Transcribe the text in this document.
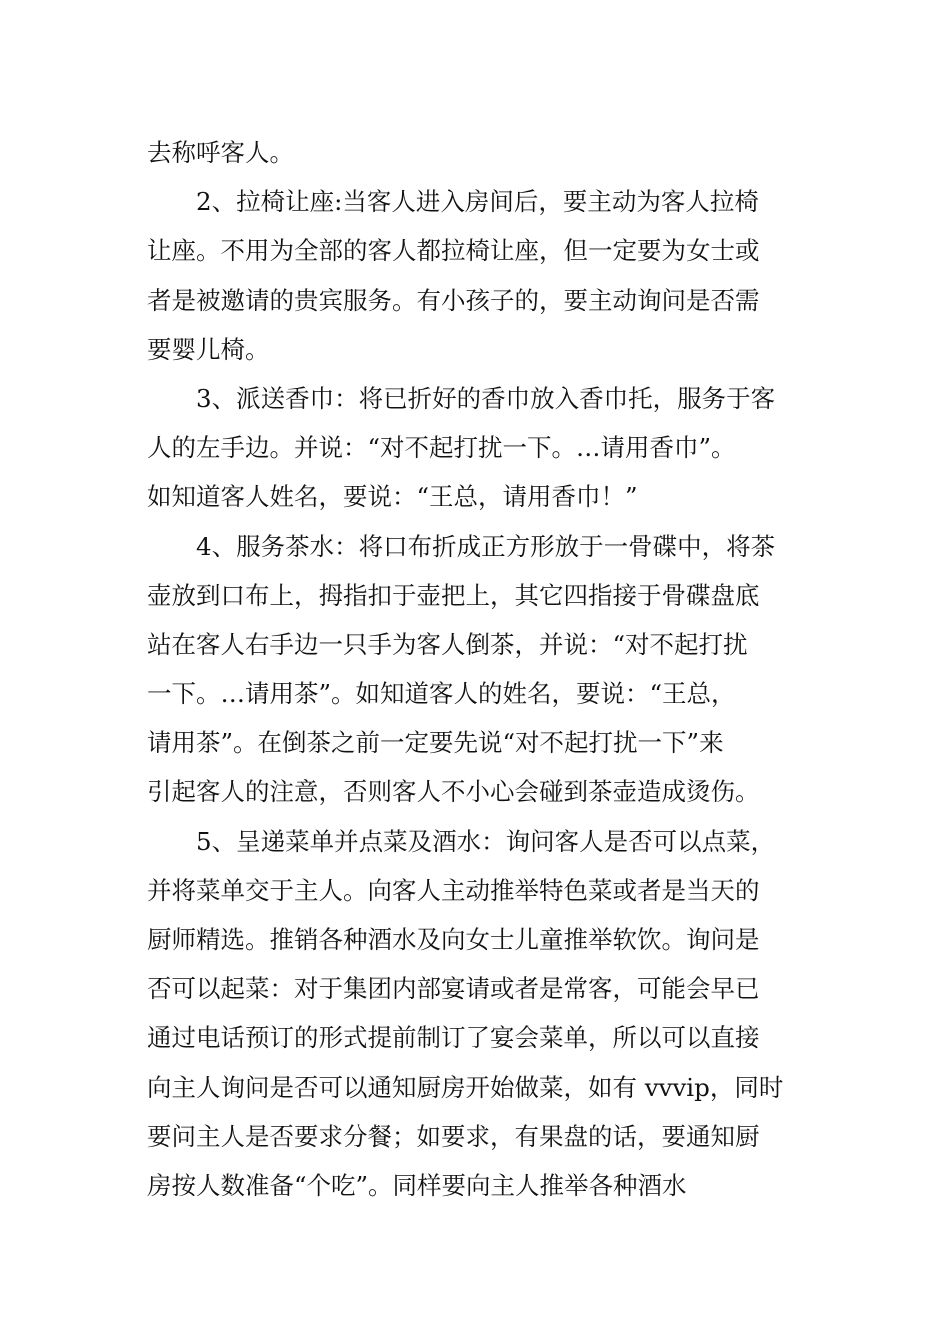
去称呼客人。
2、拉椅让座:当客人进入房间后，要主动为客人拉椅
让座。不用为全部的客人都拉椅让座，但一定要为女士或
者是被邀请的贵宾服务。有小孩子的，要主动询问是否需
要婴儿椅。
3、派送香巾：将已折好的香巾放入香巾托，服务于客
人的左手边。并说：“对不起打扰一下。…请用香巾”。
如知道客人姓名，要说：“王总，请用香巾！”
4、服务茶水：将口布折成正方形放于一骨碟中，将茶
壶放到口布上，拇指扣于壶把上，其它四指接于骨碟盘底
站在客人右手边一只手为客人倒茶，并说：“对不起打扰
一下。…请用茶”。如知道客人的姓名，要说：“王总，
请用茶”。在倒茶之前一定要先说“对不起打扰一下”来
引起客人的注意，否则客人不小心会碰到茶壶造成烫伤。
5、呈递菜单并点菜及酒水：询问客人是否可以点菜，
并将菜单交于主人。向客人主动推举特色菜或者是当天的
厨师精选。推销各种酒水及向女士儿童推举软饮。询问是
否可以起菜：对于集团内部宴请或者是常客，可能会早已
通过电话预订的形式提前制订了宴会菜单，所以可以直接
向主人询问是否可以通知厨房开始做菜，如有 vvvip，同时
要问主人是否要求分餐；如要求，有果盘的话，要通知厨
房按人数准备“个吃”。同样要向主人推举各种酒水
